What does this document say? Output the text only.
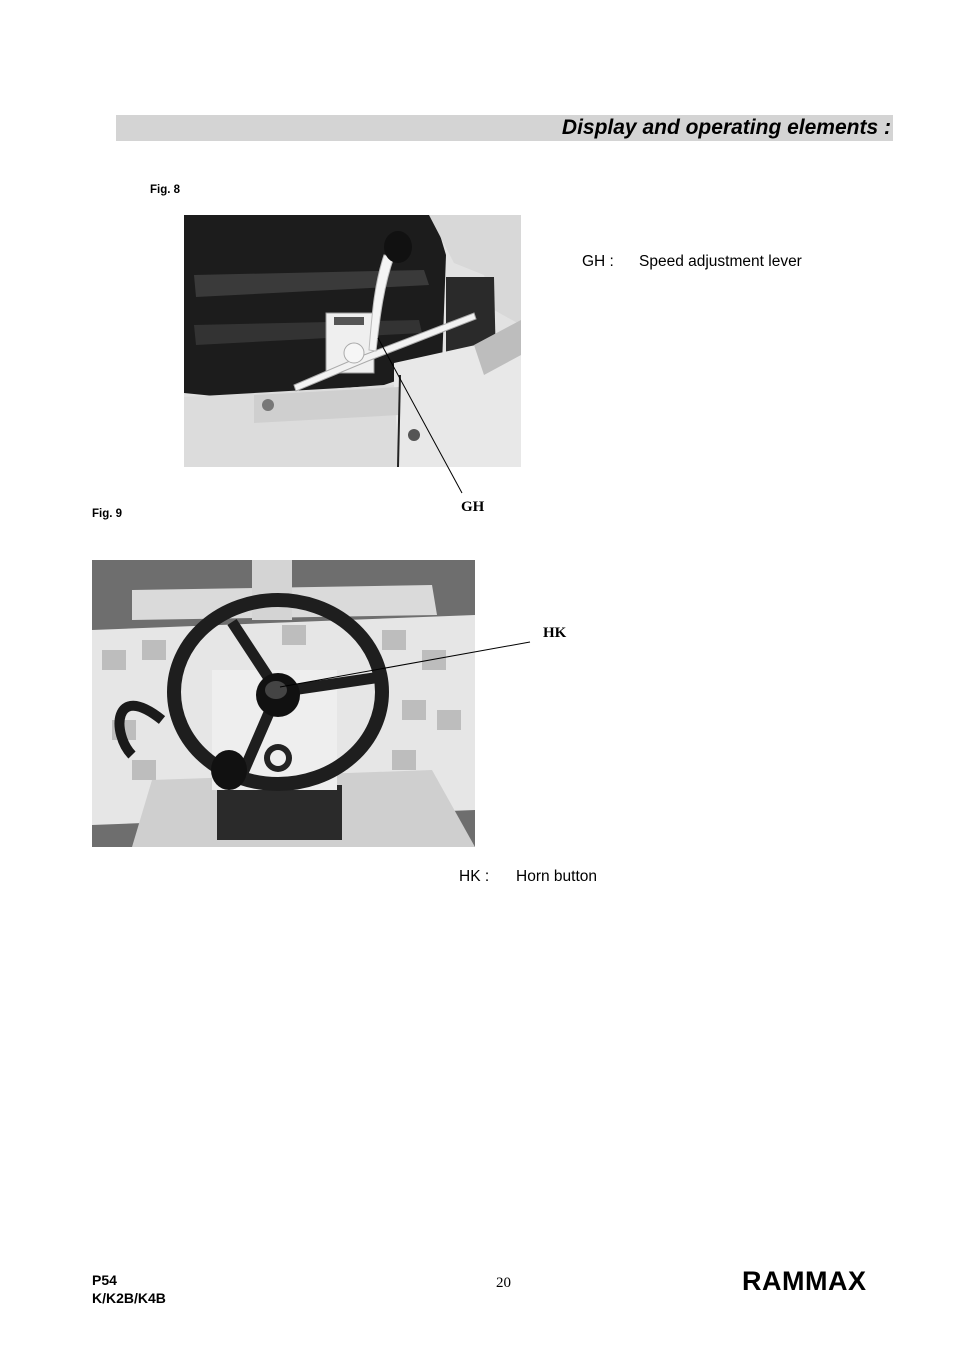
Display and operating elements :
Fig. 8
GH
GH : Speed adjustment lever
Fig. 9
HK
HK : Horn button
P54
K/K2B/K4B
20	RAMMAX
